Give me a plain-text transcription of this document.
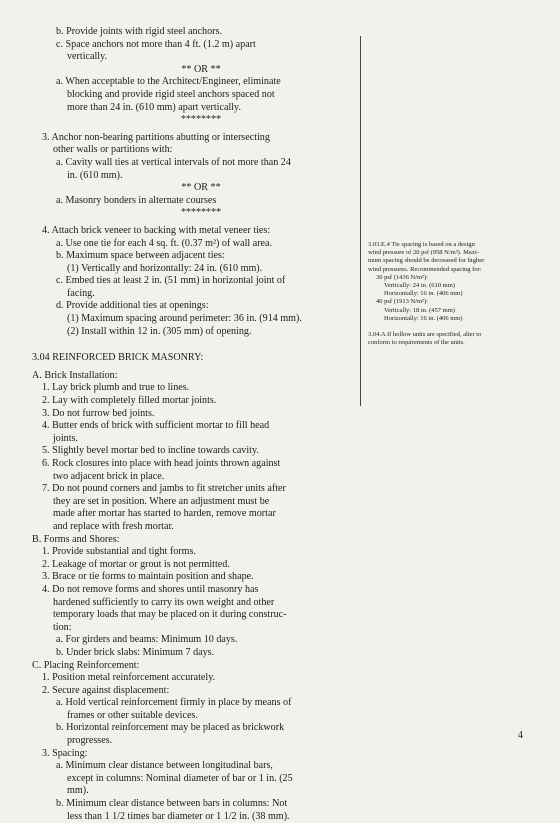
b. Provide joints with rigid steel anchors.
c. Space anchors not more than 4 ft. (1.2 m) apart
vertically.
** OR **
a. When acceptable to the Architect/Engineer, eliminate
blocking and provide rigid steel anchors spaced not
more than 24 in. (610 mm) apart vertically.
********
3. Anchor non-bearing partitions abutting or intersecting
other walls or partitions with:
a. Cavity wall ties at vertical intervals of not more than 24
in. (610 mm).
** OR **
a. Masonry bonders in alternate courses
********
4. Attach brick veneer to backing with metal veneer ties:
a. Use one tie for each 4 sq. ft. (0.37 m²) of wall area.
b. Maximum space between adjacent ties:
(1) Vertically and horizontally: 24 in. (610 mm).
c. Embed ties at least 2 in. (51 mm) in horizontal joint of
facing.
d. Provide additional ties at openings:
(1) Maximum spacing around perimeter: 36 in. (914 mm).
(2) Install within 12 in. (305 mm) of opening.
3.04 REINFORCED BRICK MASONRY:
A. Brick Installation:
1. Lay brick plumb and true to lines.
2. Lay with completely filled mortar joints.
3. Do not furrow bed joints.
4. Butter ends of brick with sufficient mortar to fill head
joints.
5. Slightly bevel mortar bed to incline towards cavity.
6. Rock closures into place with head joints thrown against
two adjacent brick in place.
7. Do not pound corners and jambs to fit stretcher units after
they are set in position. Where an adjustment must be
made after mortar has started to harden, remove mortar
and replace with fresh mortar.
B. Forms and Shores:
1. Provide substantial and tight forms.
2. Leakage of mortar or grout is not permitted.
3. Brace or tie forms to maintain position and shape.
4. Do not remove forms and shores until masonry has
hardened sufficiently to carry its own weight and other
temporary loads that may be placed on it during construc-
tion:
a. For girders and beams: Minimum 10 days.
b. Under brick slabs: Minimum 7 days.
C. Placing Reinforcement:
1. Position metal reinforcement accurately.
2. Secure against displacement:
a. Hold vertical reinforcement firmly in place by means of
frames or other suitable devices.
b. Horizontal reinforcement may be placed as brickwork
progresses.
3. Spacing:
a. Minimum clear distance between longitudinal bars,
except in columns: Nominal diameter of bar or 1 in. (25
mm).
b. Minimum clear distance between bars in columns: Not
less than 1 1/2 times bar diameter or 1 1/2 in. (38 mm).
3.03.E.4 Tie spacing is based on a design
wind pressure of 20 psf (958 N/m²). Maxi-
mum spacing should be decreased for higher
wind pressures. Recommended spacing for:
30 psf (1436 N/m²):
Vertically: 24 in. (610 mm)
Horizontally: 16 in. (406 mm)
40 psf (1913 N/m²):
Vertically: 18 in. (457 mm)
Horizontally: 16 in. (406 mm)
3.04.A If hollow units are specified, alter to
conform to requirements of the units.
4
